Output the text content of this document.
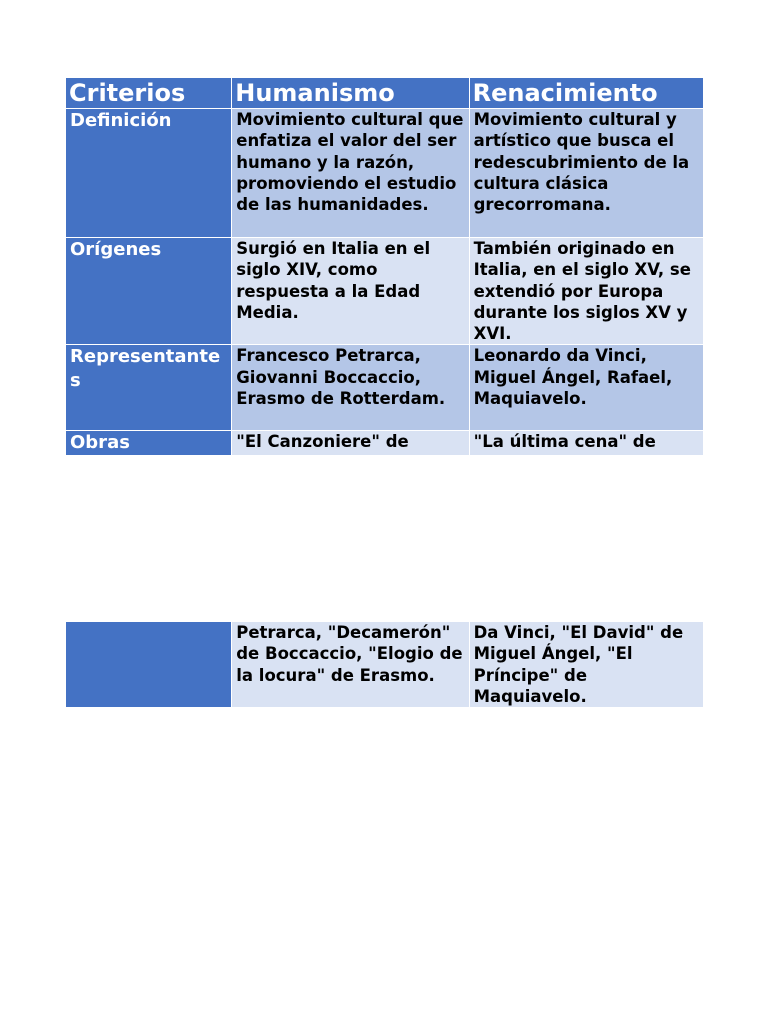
Criterios	Humanismo	Renacimiento
Definición	Movimiento cultural que enfatiza el valor del ser humano y la razón, promoviendo el estudio de las humanidades.	Movimiento cultural y artístico que busca el redescubrimiento de la cultura clásica grecorromana.
Orígenes	Surgió en Italia en el siglo XIV, como respuesta a la Edad Media.	También originado en Italia, en el siglo XV, se extendió por Europa durante los siglos XV y XVI.
Representantes	Francesco Petrarca, Giovanni Boccaccio, Erasmo de Rotterdam.	Leonardo da Vinci, Miguel Ángel, Rafael, Maquiavelo.
Obras	"El Canzoniere" de	"La última cena" de
	Petrarca, "Decamerón" de Boccaccio, "Elogio de la locura" de Erasmo.	Da Vinci, "El David" de Miguel Ángel, "El Príncipe" de Maquiavelo.
